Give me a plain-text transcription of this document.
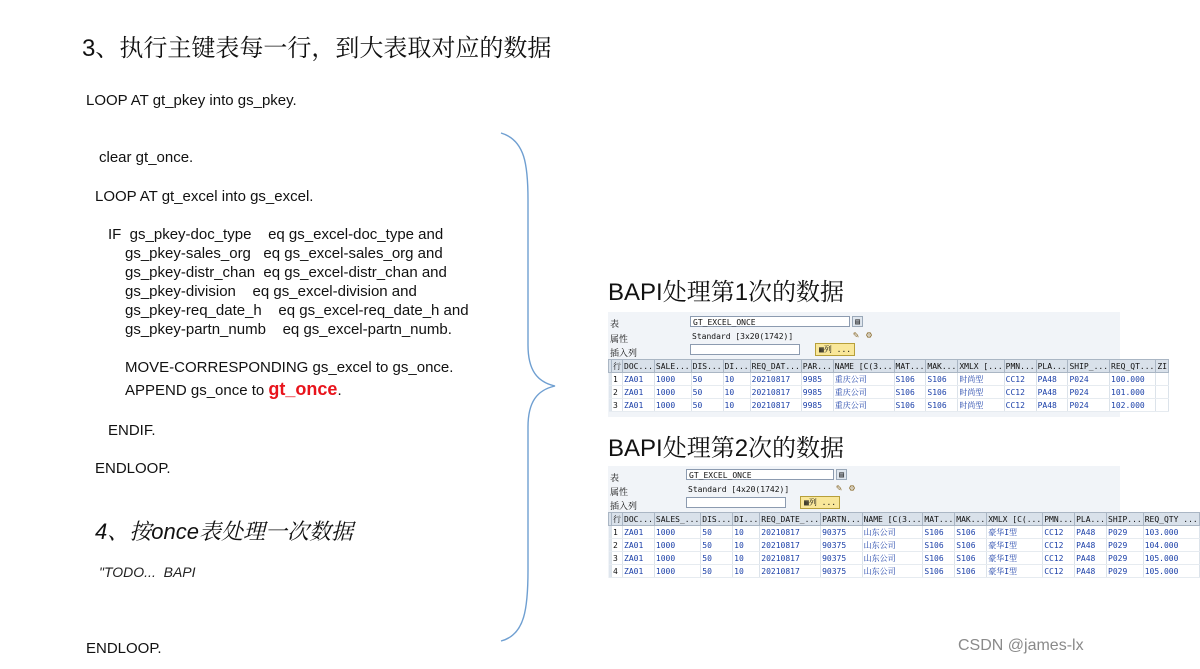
3、执行主键表每一行，到大表取对应的数据
LOOP AT gt_pkey into gs_pkey.
clear gt_once.
LOOP AT gt_excel into gs_excel.
IF  gs_pkey-doc_type    eq gs_excel-doc_type and
gs_pkey-sales_org   eq gs_excel-sales_org and
gs_pkey-distr_chan  eq gs_excel-distr_chan and
gs_pkey-division    eq gs_excel-division and
gs_pkey-req_date_h    eq gs_excel-req_date_h and
gs_pkey-partn_numb    eq gs_excel-partn_numb.
MOVE-CORRESPONDING gs_excel to gs_once.
APPEND gs_once to gt_once.
ENDIF.
ENDLOOP.
4、按once表处理一次数据
"TODO...  BAPI
ENDLOOP.
BAPI处理第1次的数据
表	GT_EXCEL_ONCE	▤
属性	Standard [3x20(1742)]	✎ ⚙
插入列	▦列 ...
	行	DOC...	SALE...	DIS...	DI...	REQ_DAT...	PAR...	NAME [C(3...	MAT...	MAK...	XMLX [...	PMN...	PLA...	SHIP_...	REQ_QT...	ZI
	1	ZA01	1000	50	10	20210817	9985	重庆公司	S106	S106	时尚型	CC12	PA48	P024	100.000	
	2	ZA01	1000	50	10	20210817	9985	重庆公司	S106	S106	时尚型	CC12	PA48	P024	101.000	
	3	ZA01	1000	50	10	20210817	9985	重庆公司	S106	S106	时尚型	CC12	PA48	P024	102.000	
BAPI处理第2次的数据
表	GT_EXCEL_ONCE	▤
属性	Standard [4x20(1742)]	✎ ⚙
插入列	▦列 ...
	行	DOC...	SALES_...	DIS...	DI...	REQ_DATE_...	PARTN...	NAME [C(3...	MAT...	MAK...	XMLX [C(...	PMN...	PLA...	SHIP...	REQ_QTY ...
	1	ZA01	1000	50	10	20210817	90375	山东公司	S106	S106	豪华I型	CC12	PA48	P029	103.000
	2	ZA01	1000	50	10	20210817	90375	山东公司	S106	S106	豪华I型	CC12	PA48	P029	104.000
	3	ZA01	1000	50	10	20210817	90375	山东公司	S106	S106	豪华I型	CC12	PA48	P029	105.000
	4	ZA01	1000	50	10	20210817	90375	山东公司	S106	S106	豪华I型	CC12	PA48	P029	105.000
CSDN @james-lx
